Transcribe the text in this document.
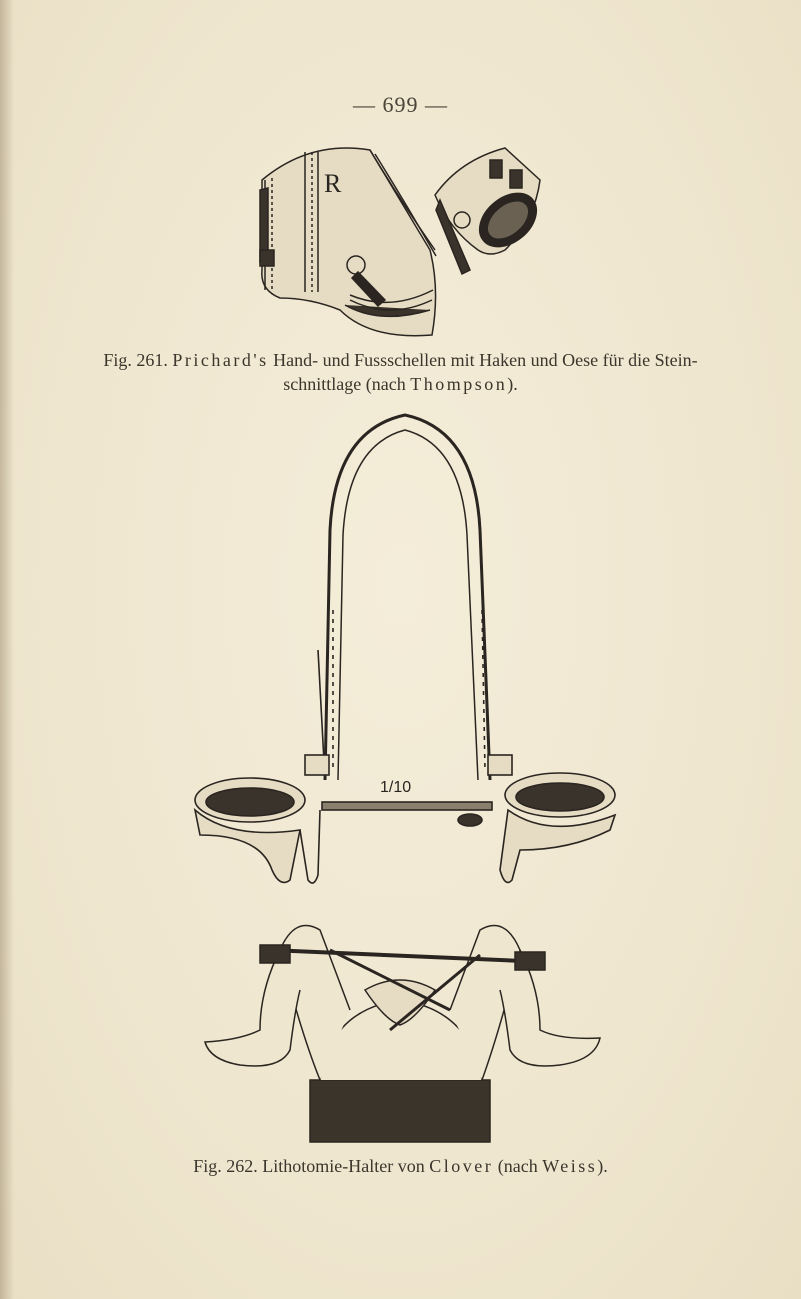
— 699 —
R
Fig. 261. Prichard's Hand- und Fussschellen mit Haken und Oese für die Stein-
schnittlage (nach Thompson).
1/10
Fig. 262. Lithotomie-Halter von Clover (nach Weiss).
